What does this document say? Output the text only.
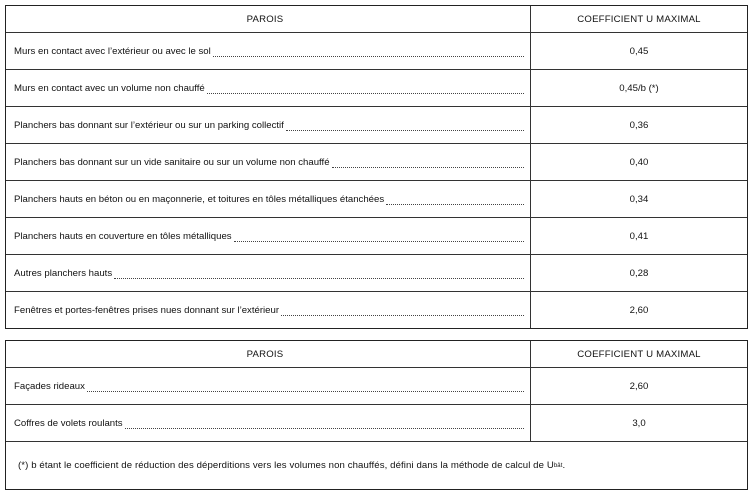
PAROIS	COEFFICIENT U MAXIMAL
Murs en contact avec l’extérieur ou avec le sol	0,45
Murs en contact avec un volume non chauffé	0,45/b (*)
Planchers bas donnant sur l’extérieur ou sur un parking collectif	0,36
Planchers bas donnant sur un vide sanitaire ou sur un volume non chauffé	0,40
Planchers hauts en béton ou en maçonnerie, et toitures en tôles métalliques étanchées	0,34
Planchers hauts en couverture en tôles métalliques	0,41
Autres planchers hauts	0,28
Fenêtres et portes-fenêtres prises nues donnant sur l’extérieur	2,60
PAROIS	COEFFICIENT U MAXIMAL
Façades rideaux	2,60
Coffres de volets roulants	3,0
(*) b étant le coefficient de réduction des déperditions vers les volumes non chauffés, défini dans la méthode de calcul de U bât .
